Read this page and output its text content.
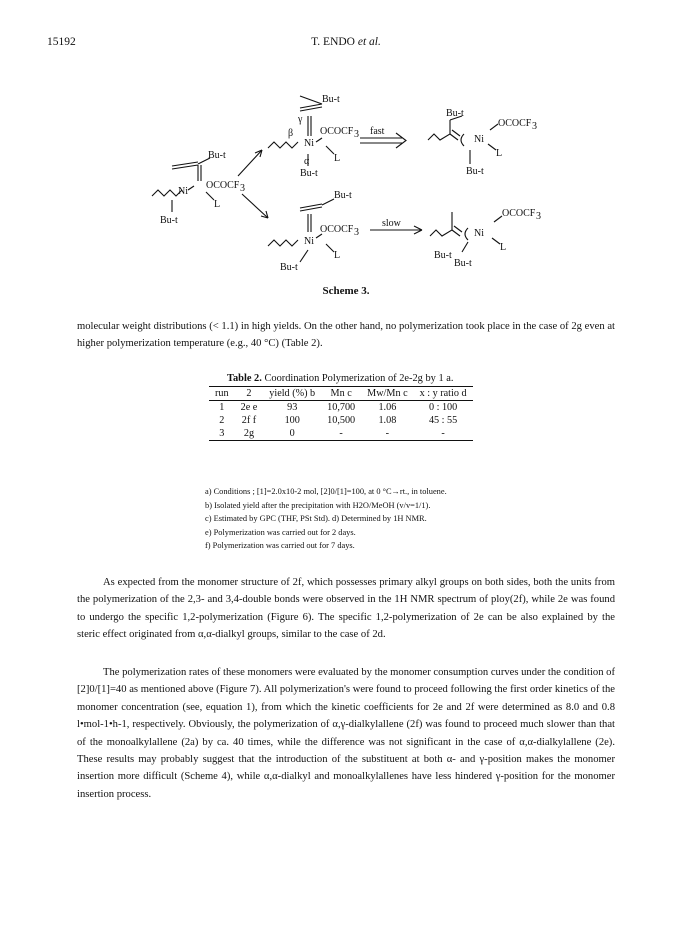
15192	T. ENDO et al.
Bu-t
OCOCF 3
Ni
L
Bu-t
Bu-t
γ
β	OCOCF 3
Ni
L
α
Bu-t
fast
Bu-t
OCOCF 3
Ni
L
Bu-t
Bu-t
OCOCF 3
Ni
L
Bu-t
slow
OCOCF 3
Ni
L
Bu-t
Bu-t
Scheme 3.

molecular weight distributions (< 1.1) in high yields. On the other hand, no polymerization took place in the case of 2g even at higher polymerization temperature (e.g., 40 °C) (Table 2).

Table 2. Coordination Polymerization of 2e-2g by 1 a.
run	2	yield (%) b	Mn c	Mw/Mn c	x : y ratio d
1	2e e	93	10,700	1.06	0 : 100
2	2f f	100	10,500	1.08	45 : 55
3	2g	0	-	-	-
a) Conditions ; [1]=2.0x10-2 mol, [2]0/[1]=100, at 0 °C→rt., in toluene.
b) Isolated yield after the precipitation with H2O/MeOH (v/v=1/1).
c) Estimated by GPC (THF, PSt Std). d) Determined by 1H NMR.
e) Polymerization was carried out for 2 days.
f) Polymerization was carried out for 7 days.

As expected from the monomer structure of 2f, which possesses primary alkyl groups on both sides, both the units from the polymerization of the 2,3- and 3,4-double bonds were observed in the 1H NMR spectrum of ploy(2f), while 2e was found to undergo the specific 1,2-polymerization (Figure 6). The specific 1,2-polymerization of 2e can be also explained by the steric effect originated from α,α-dialkyl groups, similar to the case of 2d.

The polymerization rates of these monomers were evaluated by the monomer consumption curves under the condition of [2]0/[1]=40 as mentioned above (Figure 7). All polymerization's were found to proceed following the first order kinetics of the monomer concentration (see, equation 1), from which the kinetic coefficients for 2e and 2f were determined as 8.0 and 0.8 l•mol-1•h-1, respectively. Obviously, the polymerization of α,γ-dialkylallene (2f) was found to proceed much slower than that of the monoalkylallene (2a) by ca. 40 times, while the difference was not significant in the case of α,α-dialkylallene (2e). These results may probably suggest that the introduction of the substituent at both α- and γ-position makes the monomer insertion more difficult (Scheme 4), while α,α-dialkyl and monoalkylallenes have less hindered γ-position for the monomer insertion process.
